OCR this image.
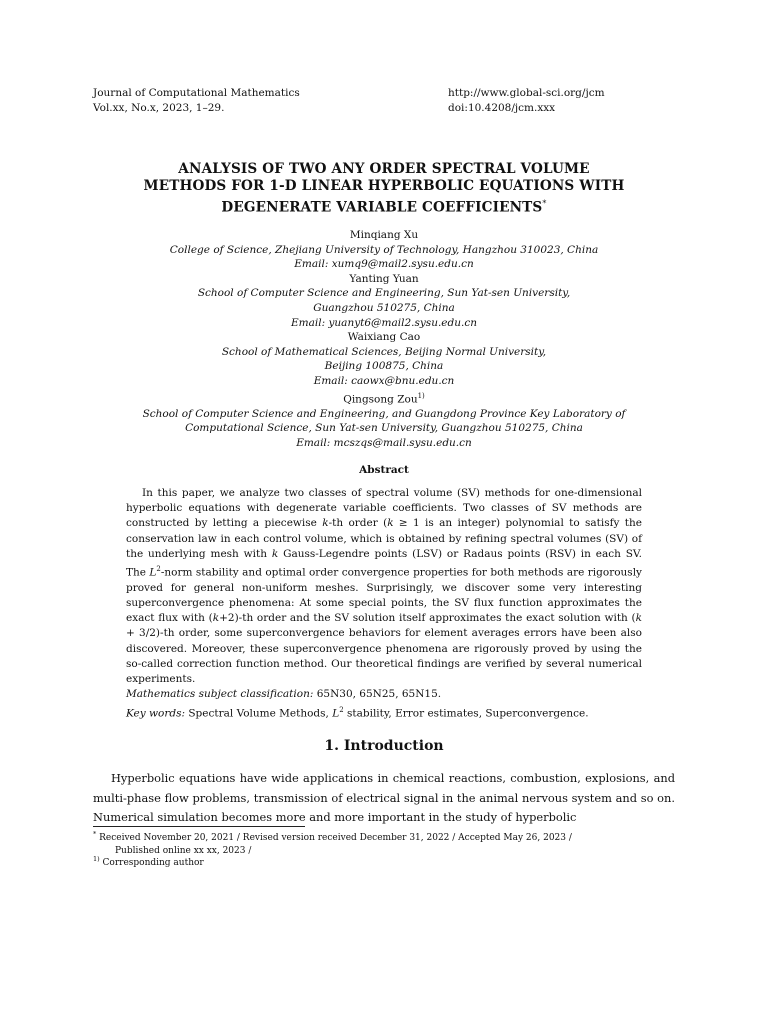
Journal of Computational Mathematics
Vol.xx, No.x, 2023, 1–29.
http://www.global-sci.org/jcm
doi:10.4208/jcm.xxx
ANALYSIS OF TWO ANY ORDER SPECTRAL VOLUME
METHODS FOR 1-D LINEAR HYPERBOLIC EQUATIONS WITH
DEGENERATE VARIABLE COEFFICIENTS*
Minqiang Xu
College of Science, Zhejiang University of Technology, Hangzhou 310023, China
Email: xumq9@mail2.sysu.edu.cn
Yanting Yuan
School of Computer Science and Engineering, Sun Yat-sen University,
Guangzhou 510275, China
Email: yuanyt6@mail2.sysu.edu.cn
Waixiang Cao
School of Mathematical Sciences, Beijing Normal University,
Beijing 100875, China
Email: caowx@bnu.edu.cn
Qingsong Zou$^{1)}$
School of Computer Science and Engineering, and Guangdong Province Key Laboratory of
Computational Science, Sun Yat-sen University, Guangzhou 510275, China
Email: mcszqs@mail.sysu.edu.cn
Abstract
In this paper, we analyze two classes of spectral volume (SV) methods for one-dimensional hyperbolic equations with degenerate variable coefficients. Two classes of SV methods are constructed by letting a piecewise k-th order (k ≥ 1 is an integer) polynomial to satisfy the conservation law in each control volume, which is obtained by refining spectral volumes (SV) of the underlying mesh with k Gauss-Legendre points (LSV) or Radaus points (RSV) in each SV. The $L^2$-norm stability and optimal order convergence properties for both methods are rigorously proved for general non-uniform meshes. Surprisingly, we discover some very interesting superconvergence phenomena: At some special points, the SV flux function approximates the exact flux with (k+2)-th order and the SV solution itself approximates the exact solution with (k + 3/2)-th order, some superconvergence behaviors for element averages errors have been also discovered. Moreover, these superconvergence phenomena are rigorously proved by using the so-called correction function method. Our theoretical findings are verified by several numerical experiments.
Mathematics subject classification: 65N30, 65N25, 65N15.
Key words: Spectral Volume Methods, $L^2$ stability, Error estimates, Superconvergence.
1. Introduction
Hyperbolic equations have wide applications in chemical reactions, combustion, explosions, and multi-phase flow problems, transmission of electrical signal in the animal nervous system and so on. Numerical simulation becomes more and more important in the study of hyperbolic
* Received November 20, 2021 / Revised version received December 31, 2022 / Accepted May 26, 2023 /
Published online xx xx, 2023 /
$^{1)}$ Corresponding author
